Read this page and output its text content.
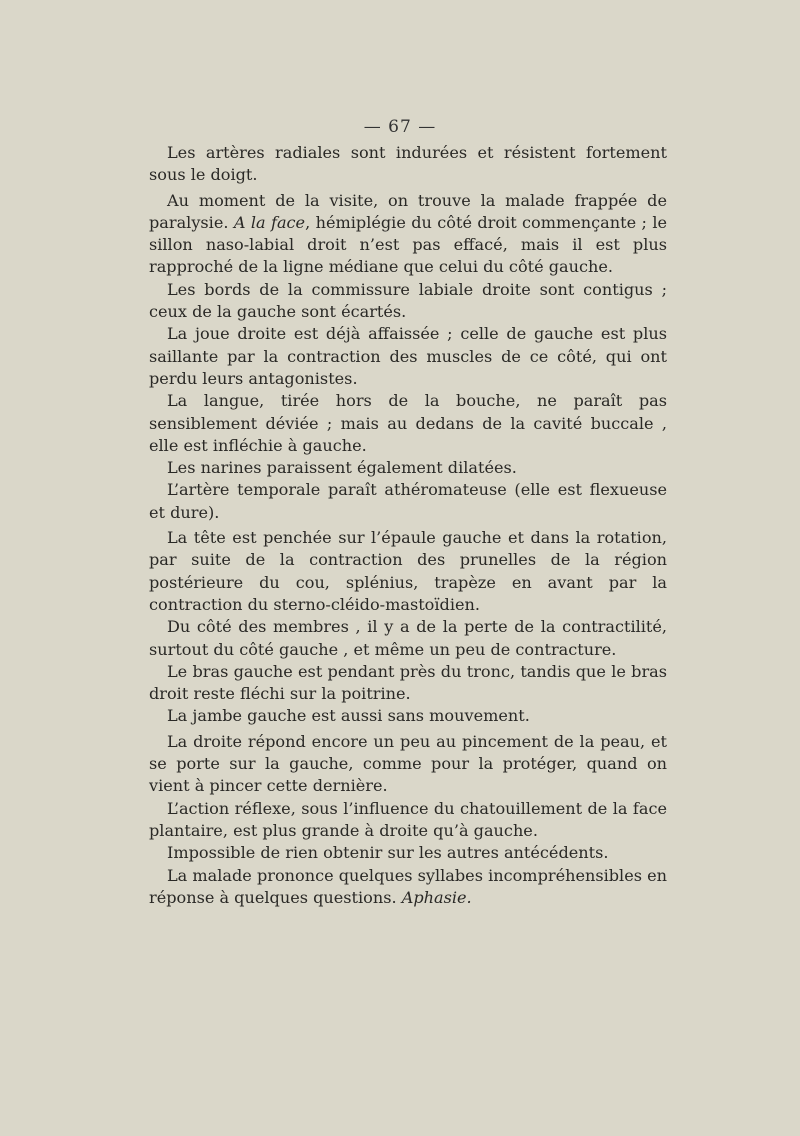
— 67 —

Les artères radiales sont indurées et résistent fortement sous le doigt.

Au moment de la visite, on trouve la malade frappée de paralysie. A la face, hémiplégie du côté droit commençante ; le sillon naso-labial droit n’est pas effacé, mais il est plus rapproché de la ligne médiane que celui du côté gauche.

Les bords de la commissure labiale droite sont contigus ; ceux de la gauche sont écartés.

La joue droite est déjà affaissée ; celle de gauche est plus saillante par la contraction des muscles de ce côté, qui ont perdu leurs antagonistes.

La langue, tirée hors de la bouche, ne paraît pas sensiblement déviée ; mais au dedans de la cavité buccale , elle est infléchie à gauche.

Les narines paraissent également dilatées.

L’artère temporale paraît athéromateuse (elle est flexueuse et dure).

La tête est penchée sur l’épaule gauche et dans la rotation, par suite de la contraction des prunelles de la région postérieure du cou, splénius, trapèze en avant par la contraction du sterno-cléido-mastoïdien.

Du côté des membres , il y a de la perte de la contractilité, surtout du côté gauche , et même un peu de contracture.

Le bras gauche est pendant près du tronc, tandis que le bras droit reste fléchi sur la poitrine.

La jambe gauche est aussi sans mouvement.

La droite répond encore un peu au pincement de la peau, et se porte sur la gauche, comme pour la protéger, quand on vient à pincer cette dernière.

L’action réflexe, sous l’influence du chatouillement de la face plantaire, est plus grande à droite qu’à gauche.

Impossible de rien obtenir sur les autres antécédents.

La malade prononce quelques syllabes incompréhensibles en réponse à quelques questions. Aphasie.
